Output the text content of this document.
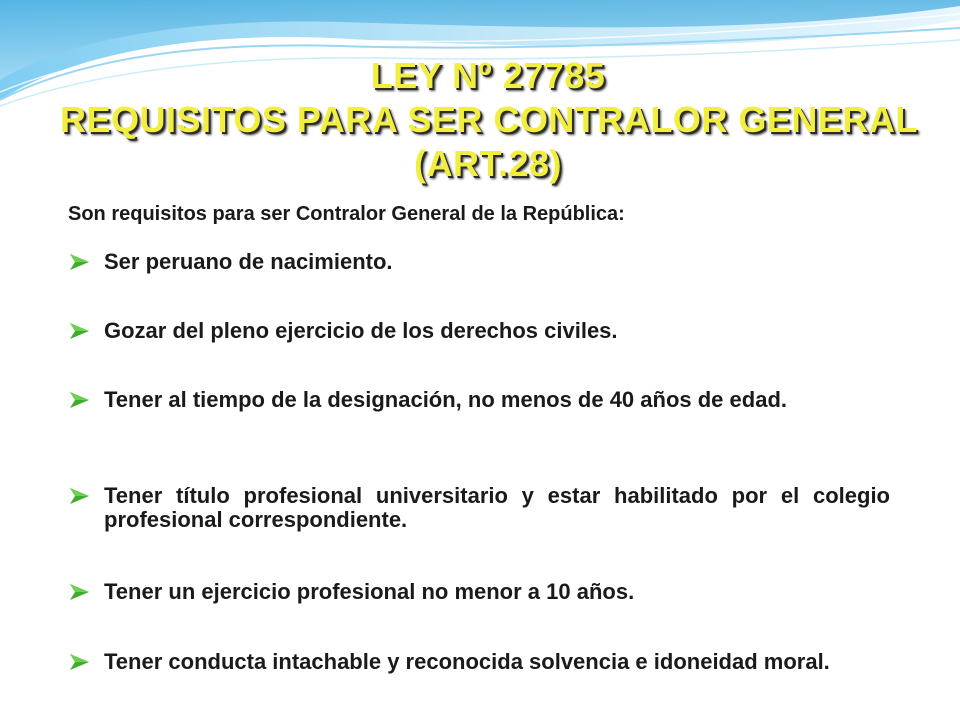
LEY Nº 27785
REQUISITOS PARA SER CONTRALOR GENERAL
(ART.28)
Son requisitos para ser Contralor General de la República:
Ser peruano de nacimiento.
Gozar del pleno ejercicio de los derechos civiles.
Tener al tiempo de la designación, no menos de 40 años de edad.
Tener título profesional universitario y estar habilitado por el colegio profesional correspondiente.
Tener un ejercicio profesional no menor a 10 años.
Tener conducta intachable y reconocida solvencia e idoneidad moral.
